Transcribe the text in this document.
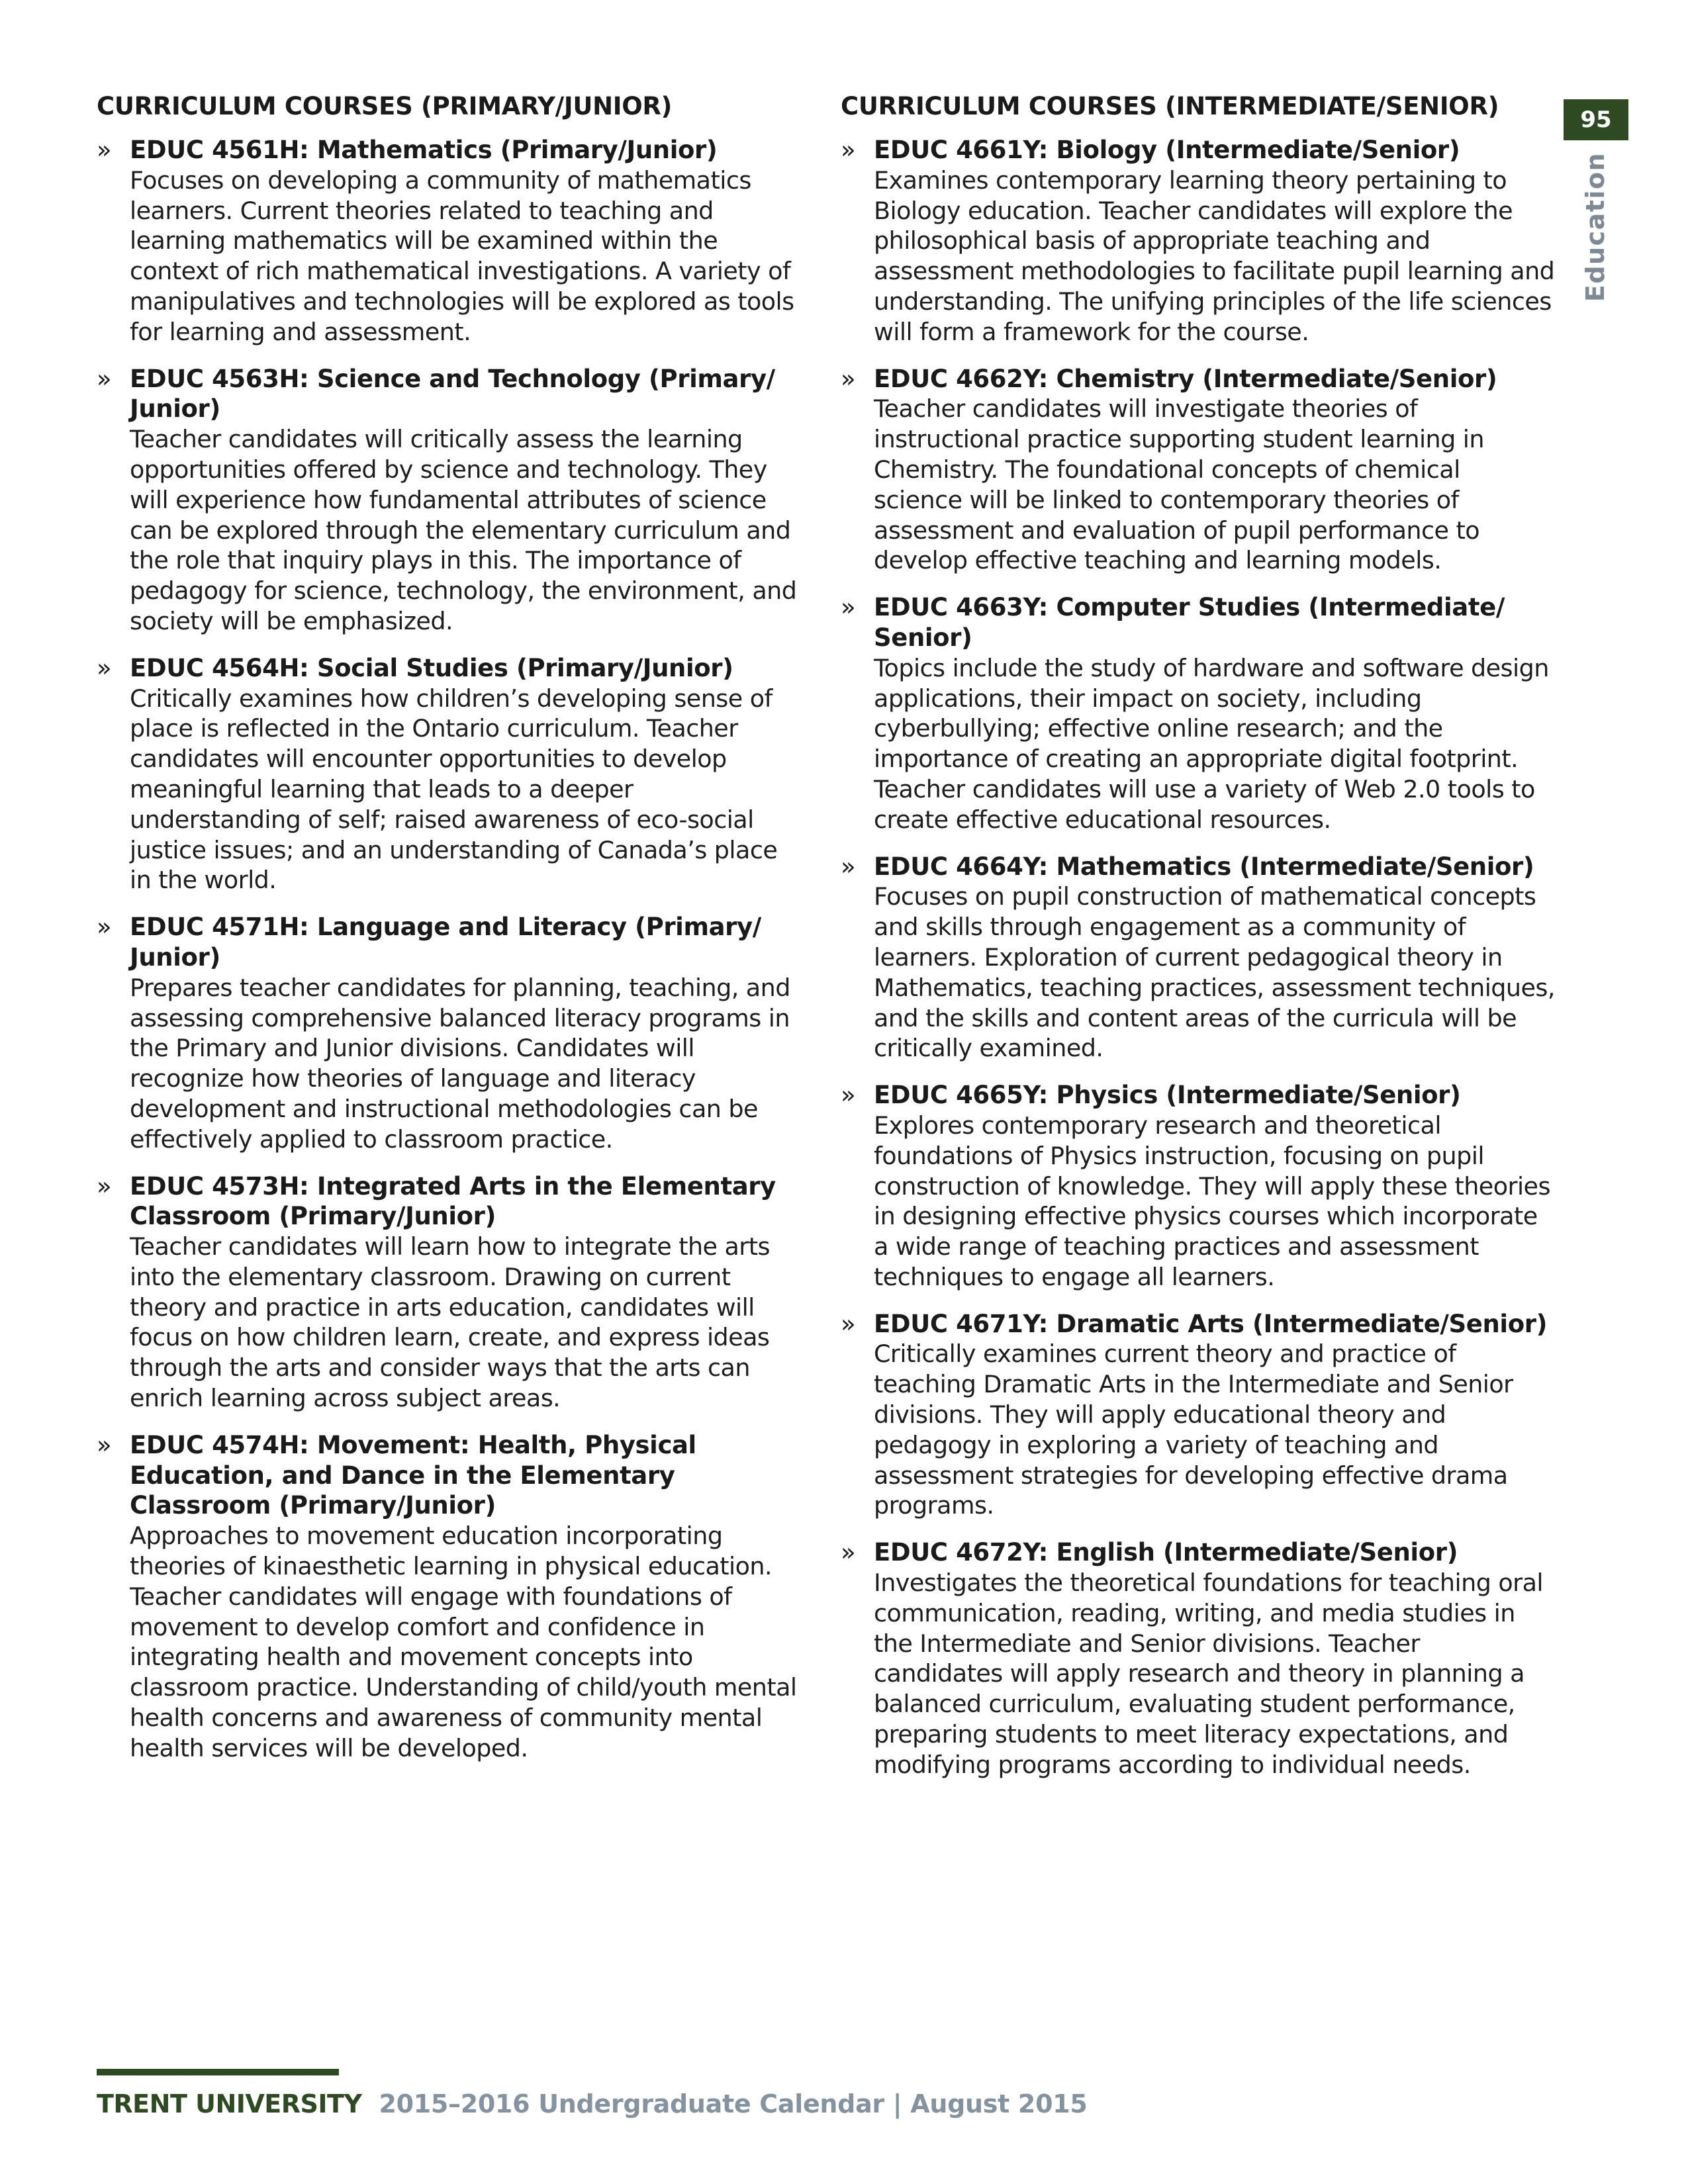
CURRICULUM COURSES (PRIMARY/JUNIOR)
» EDUC 4561H: Mathematics (Primary/Junior)
Focuses on developing a community of mathematics learners. Current theories related to teaching and learning mathematics will be examined within the context of rich mathematical investigations. A variety of manipulatives and technologies will be explored as tools for learning and assessment.
» EDUC 4563H: Science and Technology (Primary/ Junior)
Teacher candidates will critically assess the learning opportunities offered by science and technology. They will experience how fundamental attributes of science can be explored through the elementary curriculum and the role that inquiry plays in this. The importance of pedagogy for science, technology, the environment, and society will be emphasized.
» EDUC 4564H: Social Studies (Primary/Junior)
Critically examines how children’s developing sense of place is reflected in the Ontario curriculum. Teacher candidates will encounter opportunities to develop meaningful learning that leads to a deeper understanding of self; raised awareness of eco-social justice issues; and an understanding of Canada’s place in the world.
» EDUC 4571H: Language and Literacy (Primary/ Junior)
Prepares teacher candidates for planning, teaching, and assessing comprehensive balanced literacy programs in the Primary and Junior divisions. Candidates will recognize how theories of language and literacy development and instructional methodologies can be effectively applied to classroom practice.
» EDUC 4573H: Integrated Arts in the Elementary Classroom (Primary/Junior)
Teacher candidates will learn how to integrate the arts into the elementary classroom. Drawing on current theory and practice in arts education, candidates will focus on how children learn, create, and express ideas through the arts and consider ways that the arts can enrich learning across subject areas.
» EDUC 4574H: Movement: Health, Physical Education, and Dance in the Elementary Classroom (Primary/Junior)
Approaches to movement education incorporating theories of kinaesthetic learning in physical education. Teacher candidates will engage with foundations of movement to develop comfort and confidence in integrating health and movement concepts into classroom practice. Understanding of child/youth mental health concerns and awareness of community mental health services will be developed.
CURRICULUM COURSES (INTERMEDIATE/SENIOR)
» EDUC 4661Y: Biology (Intermediate/Senior)
Examines contemporary learning theory pertaining to Biology education. Teacher candidates will explore the philosophical basis of appropriate teaching and assessment methodologies to facilitate pupil learning and understanding. The unifying principles of the life sciences will form a framework for the course.
» EDUC 4662Y: Chemistry (Intermediate/Senior)
Teacher candidates will investigate theories of instructional practice supporting student learning in Chemistry. The foundational concepts of chemical science will be linked to contemporary theories of assessment and evaluation of pupil performance to develop effective teaching and learning models.
» EDUC 4663Y: Computer Studies (Intermediate/ Senior)
Topics include the study of hardware and software design applications, their impact on society, including cyberbullying; effective online research; and the importance of creating an appropriate digital footprint. Teacher candidates will use a variety of Web 2.0 tools to create effective educational resources.
» EDUC 4664Y: Mathematics (Intermediate/Senior)
Focuses on pupil construction of mathematical concepts and skills through engagement as a community of learners. Exploration of current pedagogical theory in Mathematics, teaching practices, assessment techniques, and the skills and content areas of the curricula will be critically examined.
» EDUC 4665Y: Physics (Intermediate/Senior)
Explores contemporary research and theoretical foundations of Physics instruction, focusing on pupil construction of knowledge. They will apply these theories in designing effective physics courses which incorporate a wide range of teaching practices and assessment techniques to engage all learners.
» EDUC 4671Y: Dramatic Arts (Intermediate/Senior)
Critically examines current theory and practice of teaching Dramatic Arts in the Intermediate and Senior divisions. They will apply educational theory and pedagogy in exploring a variety of teaching and assessment strategies for developing effective drama programs.
» EDUC 4672Y: English (Intermediate/Senior)
Investigates the theoretical foundations for teaching oral communication, reading, writing, and media studies in the Intermediate and Senior divisions. Teacher candidates will apply research and theory in planning a balanced curriculum, evaluating student performance, preparing students to meet literacy expectations, and modifying programs according to individual needs.
95
Education
TRENT UNIVERSITY 2015–2016 Undergraduate Calendar | August 2015
